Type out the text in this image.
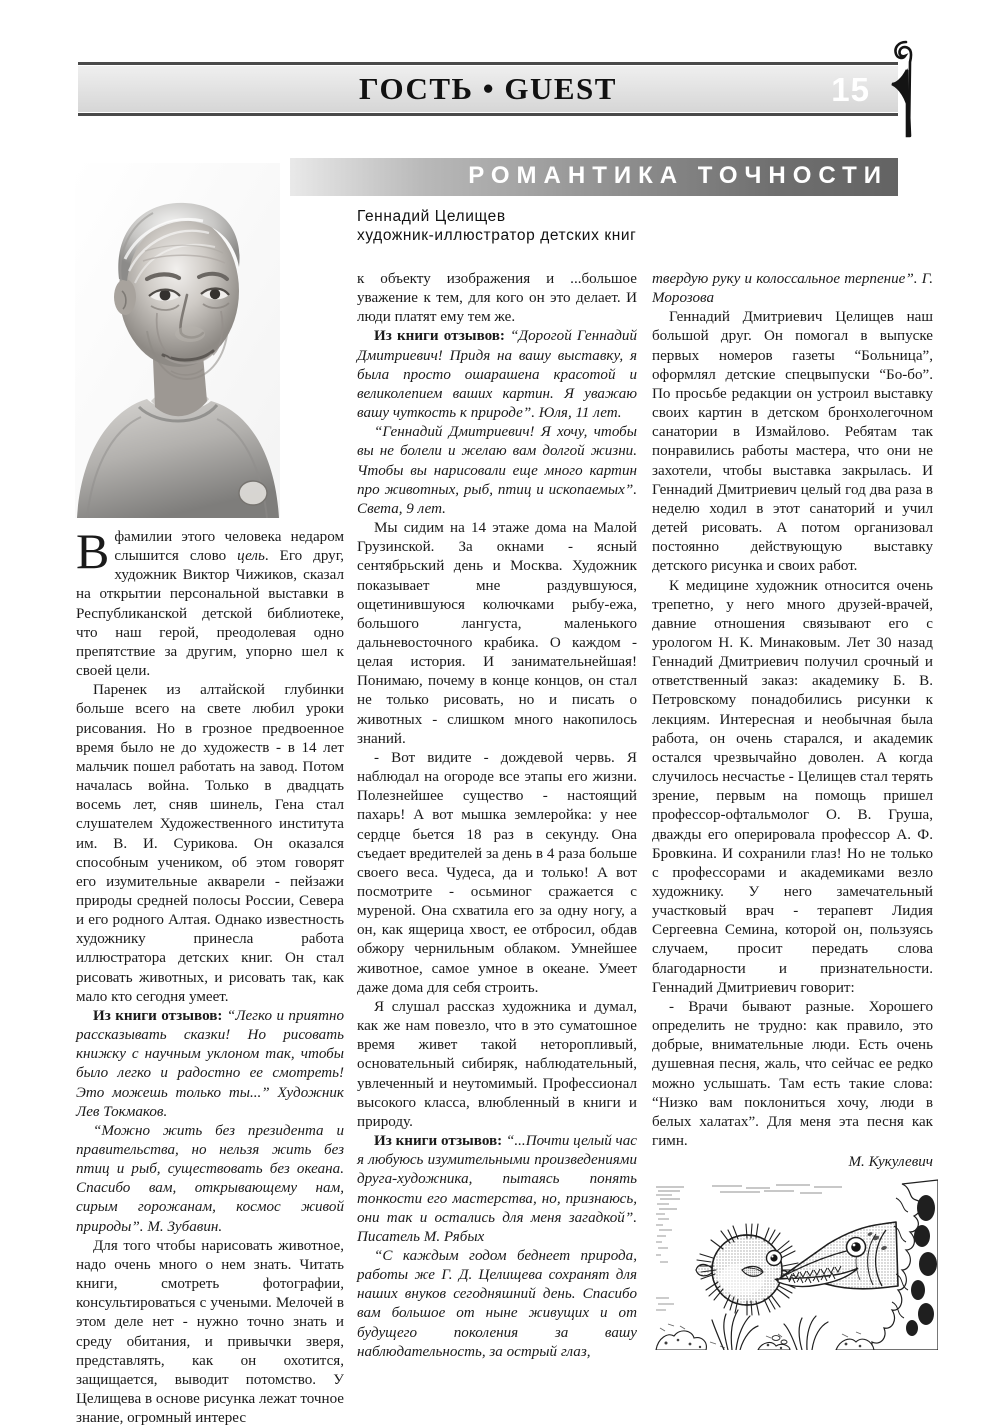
ГОСТЬ • GUEST	15
РОМАНТИКА ТОЧНОСТИ
Геннадий Целищев
художник-иллюстратор детских книг

Вфамилии этого человека недаром слышится слово цель. Его друг, художник Виктор Чижиков, сказал на открытии персональной выставки в Республиканской детской библиотеке, что наш герой, преодолевая одно препятствие за другим, упорно шел к своей цели.

Паренек из алтайской глубинки больше всего на свете любил уроки рисования. Но в грозное предвоенное время было не до художеств - в 14 лет мальчик пошел работать на завод. Потом началась война. Только в двадцать восемь лет, сняв шинель, Гена стал слушателем Художественного института им. В. И. Сурикова. Он оказался способным учеником, об этом говорят его изумительные акварели - пейзажи природы средней полосы России, Севера и его родного Алтая. Однако известность художнику принесла работа иллюстратора детских книг. Он стал рисовать животных, и рисовать так, как мало кто сегодня умеет.

Из книги отзывов: “Легко и приятно рассказывать сказки! Но рисовать книжку с научным уклоном так, чтобы было легко и радостно ее смотреть! Это можешь только ты...” Художник Лев Токмаков.

“Можно жить без президента и правительства, но нельзя жить без птиц и рыб, существовать без океана. Спасибо вам, открывающему нам, сирым горожанам, космос живой природы”. М. Зубавин.

Для того чтобы нарисовать животное, надо очень много о нем знать. Читать книги, смотреть фотографии, консультироваться с учеными. Мелочей в этом деле нет - нужно точно знать и среду обитания, и привычки зверя, представлять, как он охотится, защищается, выводит потомство. У Целищева в основе рисунка лежат точное знание, огромный интерес

к объекту изображения и ...большое уважение к тем, для кого он это делает. И люди платят ему тем же.

Из книги отзывов: “Дорогой Геннадий Дмитриевич! Придя на вашу выставку, я была просто ошарашена красотой и великолепием ваших картин. Я уважаю вашу чуткость к природе”. Юля, 11 лет.

“Геннадий Дмитриевич! Я хочу, чтобы вы не болели и желаю вам долгой жизни. Чтобы вы нарисовали еще много картин про животных, рыб, птиц и ископаемых”. Света, 9 лет.

Мы сидим на 14 этаже дома на Малой Грузинской. За окнами - ясный сентябрьский день и Москва. Художник показывает мне раздувшуюся, ощетинившуюся колючками рыбу-ежа, большого лангуста, маленького дальневосточного крабика. О каждом - целая история. И занимательнейшая! Понимаю, почему в конце концов, он стал не только рисовать, но и писать о животных - слишком много накопилось знаний.

- Вот видите - дождевой червь. Я наблюдал на огороде все этапы его жизни. Полезнейшее существо - настоящий пахарь! А вот мышка землеройка: у нее сердце бьется 18 раз в секунду. Она съедает вредителей за день в 4 раза больше своего веса. Чудеса, да и только! А вот посмотрите - осьминог сражается с муреной. Она схватила его за одну ногу, а он, как ящерица хвост, ее отбросил, обдав обжору чернильным облаком. Умнейшее животное, самое умное в океане. Умеет даже дома для себя строить.

Я слушал рассказ художника и думал, как же нам повезло, что в это суматошное время живет такой неторопливый, основательный сибиряк, наблюдательный, увлеченный и неутомимый. Профессионал высокого класса, влюбленный в книги и природу.

Из книги отзывов: “...Почти целый час я любуюсь изумительными произведениями друга-художника, пытаясь понять тонкости его мастерства, но, признаюсь, они так и остались для меня загадкой”. Писатель М. Рябых

“С каждым годом беднеет природа, работы же Г. Д. Целищева сохранят для наших внуков сегодняшний день. Спасибо вам большое от ныне живущих и от будущего поколения за вашу наблюдательность, за острый глаз,

твердую руку и колоссальное терпение”. Г. Морозова

Геннадий Дмитриевич Целищев наш большой друг. Он помогал в выпуске первых номеров газеты “Больница”, оформлял детские спецвыпуски “Бо-бо”. По просьбе редакции он устроил выставку своих картин в детском бронхолегочном санатории в Измайлово. Ребятам так понравились работы мастера, что они не захотели, чтобы выставка закрылась. И Геннадий Дмитриевич целый год два раза в неделю ходил в этот санаторий и учил детей рисовать. А потом организовал постоянно действующую выставку детского рисунка и своих работ.

К медицине художник относится очень трепетно, у него много друзей-врачей, давние отношения связывают его с урологом Н. К. Минаковым. Лет 30 назад Геннадий Дмитриевич получил срочный и ответственный заказ: академику Б. В. Петровскому понадобились рисунки к лекциям. Интересная и необычная была работа, он очень старался, и академик остался чрезвычайно доволен. А когда случилось несчастье - Целищев стал терять зрение, первым на помощь пришел профессор-офтальмолог О. В. Груша, дважды его оперировала профессор А. Ф. Бровкина. И сохранили глаз! Но не только с профессорами и академиками везло художнику. У него замечательный участковый врач - терапевт Лидия Сергеевна Семина, которой он, пользуясь случаем, просит передать слова благодарности и признательности. Геннадий Дмитриевич говорит:

- Врачи бывают разные. Хорошего определить не трудно: как правило, это добрые, внимательные люди. Есть очень душевная песня, жаль, что сейчас ее редко можно услышать. Там есть такие слова: “Низко вам поклониться хочу, люди в белых халатах”. Для меня эта песня как гимн.

М. Кукулевич
